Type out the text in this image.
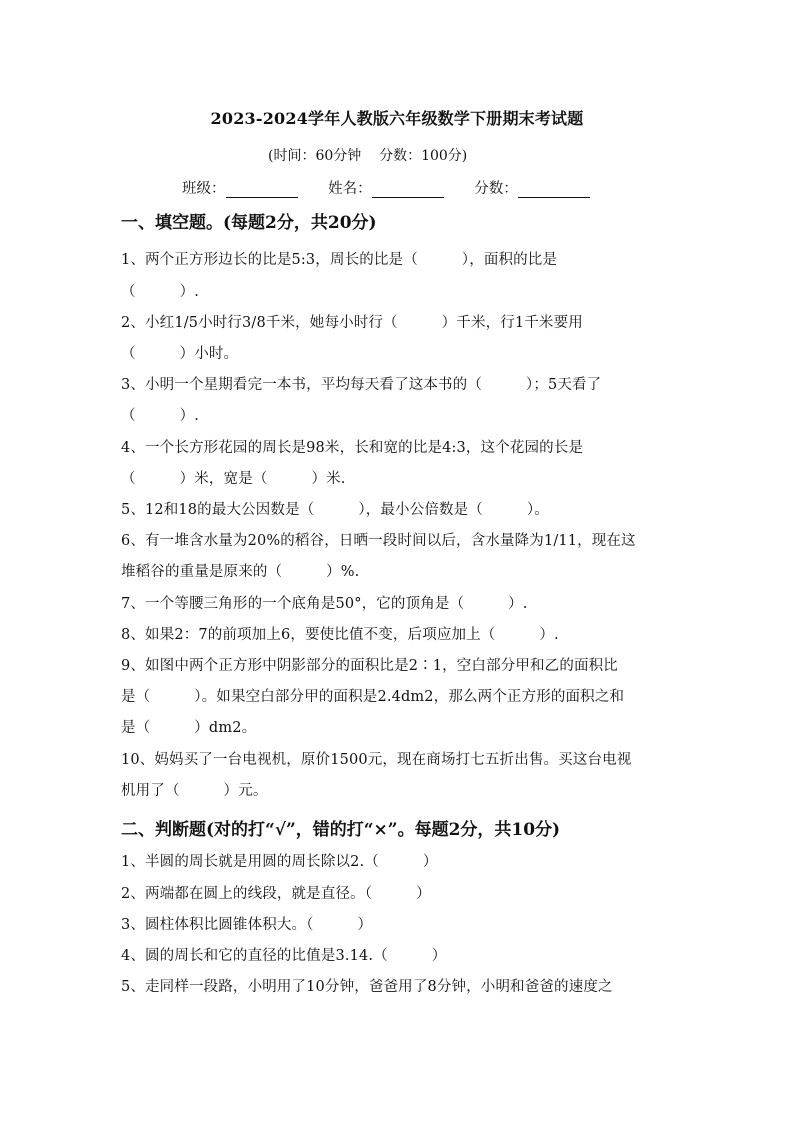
2023-2024学年人教版六年级数学下册期末考试题
(时间：60分钟    分数：100分)
班级：	姓名：	分数：
一、填空题。(每题2分，共20分)
1、两个正方形边长的比是5:3，周长的比是（　　　），面积的比是
（　　　）.
2、小红1/5小时行3/8千米，她每小时行（　　　）千米，行1千米要用
（　　　）小时。
3、小明一个星期看完一本书，平均每天看了这本书的（　　　）；5天看了
（　　　）.
4、一个长方形花园的周长是98米，长和宽的比是4:3，这个花园的长是
（　　　）米，宽是（　　　）米.
5、12和18的最大公因数是（　　　），最小公倍数是（　　　）。
6、有一堆含水量为20%的稻谷，日晒一段时间以后，含水量降为1/11，现在这
堆稻谷的重量是原来的（　　　）%.
7、一个等腰三角形的一个底角是50°，它的顶角是（　　　）.
8、如果2：7的前项加上6，要使比值不变，后项应加上（　　　）.
9、如图中两个正方形中阴影部分的面积比是2∶1，空白部分甲和乙的面积比
是（　　　）。如果空白部分甲的面积是2.4dm2，那么两个正方形的面积之和
是（　　　）dm2。
10、妈妈买了一台电视机，原价1500元，现在商场打七五折出售。买这台电视
机用了（　　　）元。
二、判断题(对的打“√”，错的打“×”。每题2分，共10分)
1、半圆的周长就是用圆的周长除以2.（　　　）
2、两端都在圆上的线段，就是直径。（　　　）
3、圆柱体积比圆锥体积大。（　　　）
4、圆的周长和它的直径的比值是3.14.（　　　）
5、走同样一段路，小明用了10分钟，爸爸用了8分钟，小明和爸爸的速度之
